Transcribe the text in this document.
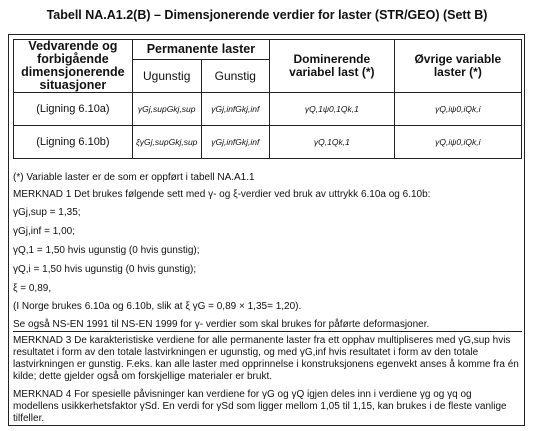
Tabell NA.A1.2(B) – Dimensjonerende verdier for laster (STR/GEO) (Sett B)
Vedvarende og forbigående dimensjonerende situasjoner	Permanente laster		Dominerende variabel last (*)	Øvrige variable laster (*)

	Ugunstig	Gunstig		
(Ligning 6.10a)	γGj,supGkj,sup	γGj,infGkj,inf	γQ,1ψ0,1Qk,1	γQ,iψ0,iQk,i
(Ligning 6.10b)	ξγGj,supGkj,sup	γGj,infGkj,inf	γQ,1Qk,1	γQ,iψ0,iQk,i

(*) Variable laster er de som er oppført i tabell NA.A1.1

MERKNAD 1 Det brukes følgende sett med γ- og ξ-verdier ved bruk av uttrykk 6.10a og 6.10b:

γGj,sup = 1,35;

γGj,inf = 1,00;

γQ,1 = 1,50 hvis ugunstig (0 hvis gunstig);

γQ,i = 1,50 hvis ugunstig (0 hvis gunstig);

ξ = 0,89,

(I Norge brukes 6.10a og 6.10b, slik at ξ γG = 0,89 × 1,35= 1,20).

Se også NS-EN 1991 til NS-EN 1999 for γ- verdier som skal brukes for påførte deformasjoner.

MERKNAD 3 De karakteristiske verdiene for alle permanente laster fra ett opphav multipliseres med γG,sup hvis resultatet i form av den totale lastvirkningen er ugunstig, og med γG,inf hvis resultatet i form av den totale lastvirkningen er gunstig. F.eks. kan alle laster med opprinnelse i konstruksjonens egenvekt anses å komme fra én kilde; dette gjelder også om forskjellige materialer er brukt.

MERKNAD 4 For spesielle påvisninger kan verdiene for γG og γQ igjen deles inn i verdiene γg og γq og modellens usikkerhetsfaktor γSd. En verdi for γSd som ligger mellom 1,05 til 1,15, kan brukes i de fleste vanlige tilfeller.
